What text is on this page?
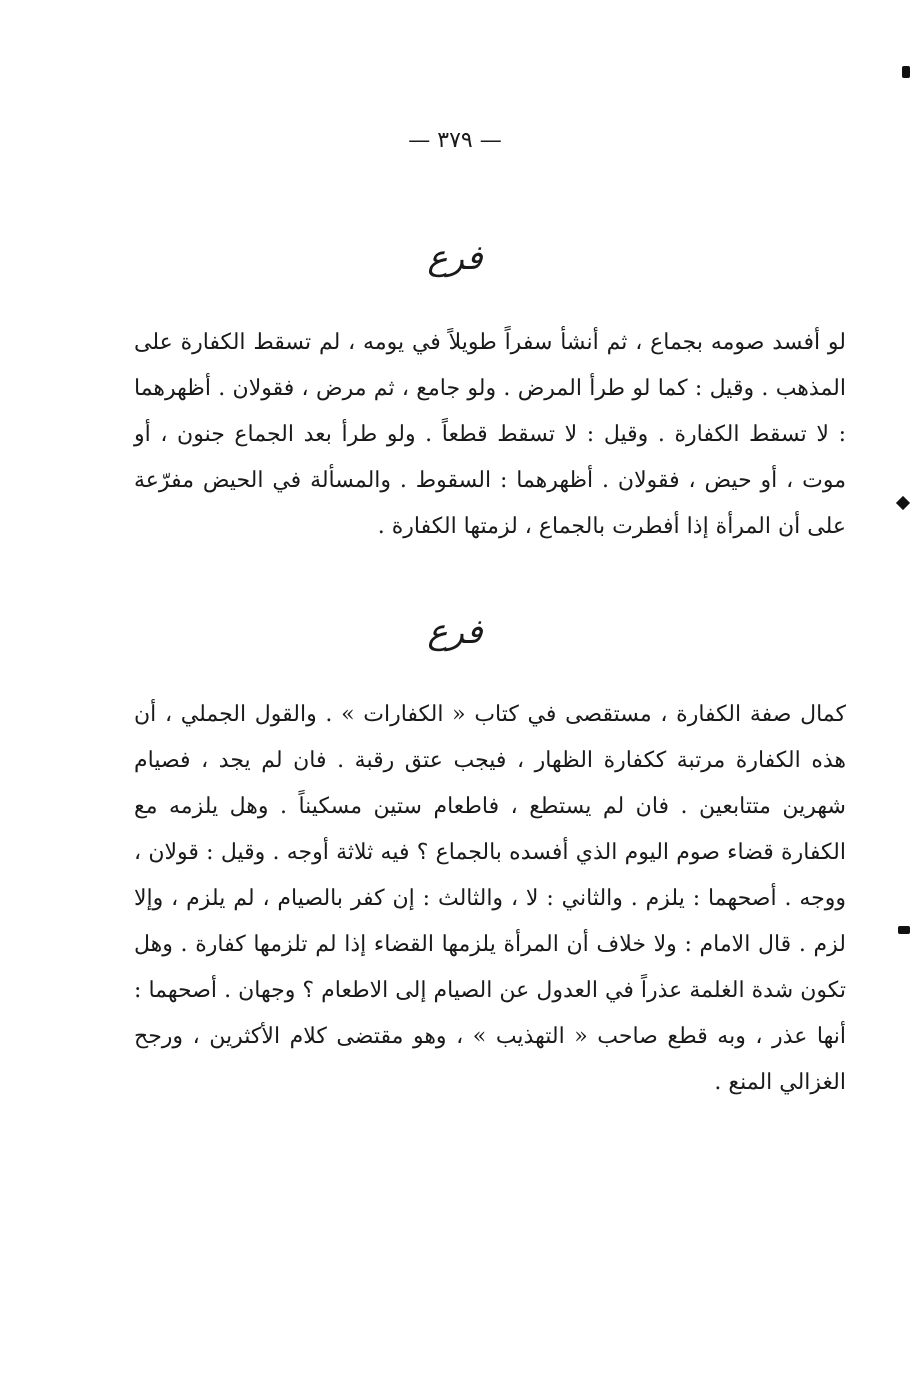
— ٣٧٩ —
فرع

لو أفسد صومه بجماع ، ثم أنشأ سفراً طويلاً في يومه ، لم تسقط الكفارة على المذهب . وقيل : كما لو طرأ المرض . ولو جامع ، ثم مرض ، فقولان . أظهرهما : لا تسقط الكفارة . وقيل : لا تسقط قطعاً . ولو طرأ بعد الجماع جنون ، أو موت ، أو حيض ، فقولان . أظهرهما : السقوط . والمسألة في الحيض مفرّعة على أن المرأة إذا أفطرت بالجماع ، لزمتها الكفارة .

فرع

كمال صفة الكفارة ، مستقصى في كتاب « الكفارات » . والقول الجملي ، أن هذه الكفارة مرتبة ككفارة الظهار ، فيجب عتق رقبة . فان لم يجد ، فصيام شهرين متتابعين . فان لم يستطع ، فاطعام ستين مسكيناً . وهل يلزمه مع الكفارة قضاء صوم اليوم الذي أفسده بالجماع ؟ فيه ثلاثة أوجه . وقيل : قولان ، ووجه . أصحهما : يلزم . والثاني : لا ، والثالث : إن كفر بالصيام ، لم يلزم ، وإلا لزم . قال الامام : ولا خلاف أن المرأة يلزمها القضاء إذا لم تلزمها كفارة . وهل تكون شدة الغلمة عذراً في العدول عن الصيام إلى الاطعام ؟ وجهان . أصحهما : أنها عذر ، وبه قطع صاحب « التهذيب » ، وهو مقتضى كلام الأكثرين ، ورجح الغزالي المنع .
